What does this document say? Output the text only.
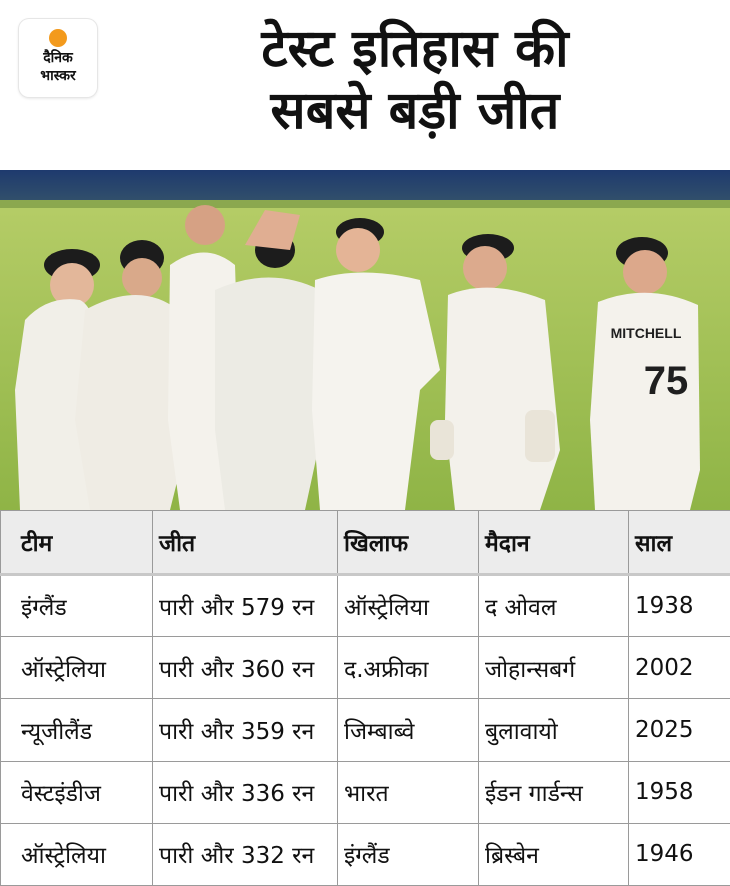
दैनिक
भास्कर	टेस्ट इतिहास की
सबसे बड़ी जीत
MITCHELL
75
टीम	जीत	खिलाफ	मैदान	साल
इंग्लैंड	पारी और 579 रन	ऑस्ट्रेलिया	द ओवल	1938
ऑस्ट्रेलिया	पारी और 360 रन	द.अफ्रीका	जोहान्सबर्ग	2002
न्यूजीलैंड	पारी और 359 रन	जिम्बाब्वे	बुलावायो	2025
वेस्टइंडीज	पारी और 336 रन	भारत	ईडन गार्डन्स	1958
ऑस्ट्रेलिया	पारी और 332 रन	इंग्लैंड	ब्रिस्बेन	1946
